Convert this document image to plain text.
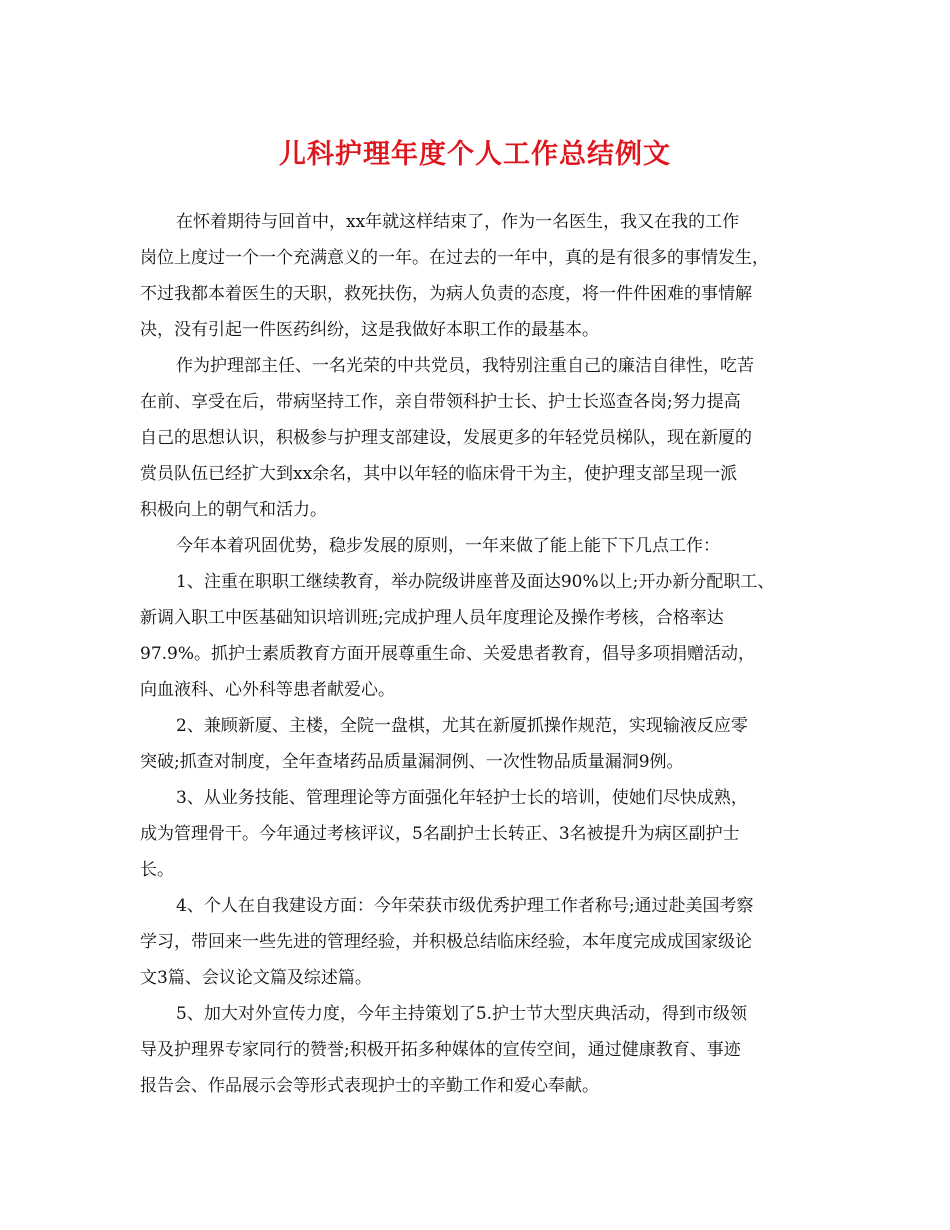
儿科护理年度个人工作总结例文
在怀着期待与回首中，xx年就这样结束了，作为一名医生，我又在我的工作
岗位上度过一个一个充满意义的一年。在过去的一年中，真的是有很多的事情发生，
不过我都本着医生的天职，救死扶伤，为病人负责的态度，将一件件困难的事情解
决，没有引起一件医药纠纷，这是我做好本职工作的最基本。
作为护理部主任、一名光荣的中共党员，我特别注重自己的廉洁自律性，吃苦
在前、享受在后，带病坚持工作，亲自带领科护士长、护士长巡查各岗;努力提高
自己的思想认识，积极参与护理支部建设，发展更多的年轻党员梯队，现在新厦的
赏员队伍已经扩大到xx余名，其中以年轻的临床骨干为主，使护理支部呈现一派
积极向上的朝气和活力。
今年本着巩固优势，稳步发展的原则，一年来做了能上能下下几点工作：
1、注重在职职工继续教育，举办院级讲座普及面达90%以上;开办新分配职工、
新调入职工中医基础知识培训班;完成护理人员年度理论及操作考核，合格率达
97.9%。抓护士素质教育方面开展尊重生命、关爱患者教育，倡导多项捐赠活动，
向血液科、心外科等患者献爱心。
2、兼顾新厦、主楼，全院一盘棋，尤其在新厦抓操作规范，实现输液反应零
突破;抓查对制度，全年查堵药品质量漏洞例、一次性物品质量漏洞9例。
3、从业务技能、管理理论等方面强化年轻护士长的培训，使她们尽快成熟，
成为管理骨干。今年通过考核评议，5名副护士长转正、3名被提升为病区副护士
长。
4、个人在自我建设方面：今年荣获市级优秀护理工作者称号;通过赴美国考察
学习，带回来一些先进的管理经验，并积极总结临床经验，本年度完成成国家级论
文3篇、会议论文篇及综述篇。
5、加大对外宣传力度，今年主持策划了5.护士节大型庆典活动，得到市级领
导及护理界专家同行的赞誉;积极开拓多种媒体的宣传空间，通过健康教育、事迹
报告会、作品展示会等形式表现护士的辛勤工作和爱心奉献。
